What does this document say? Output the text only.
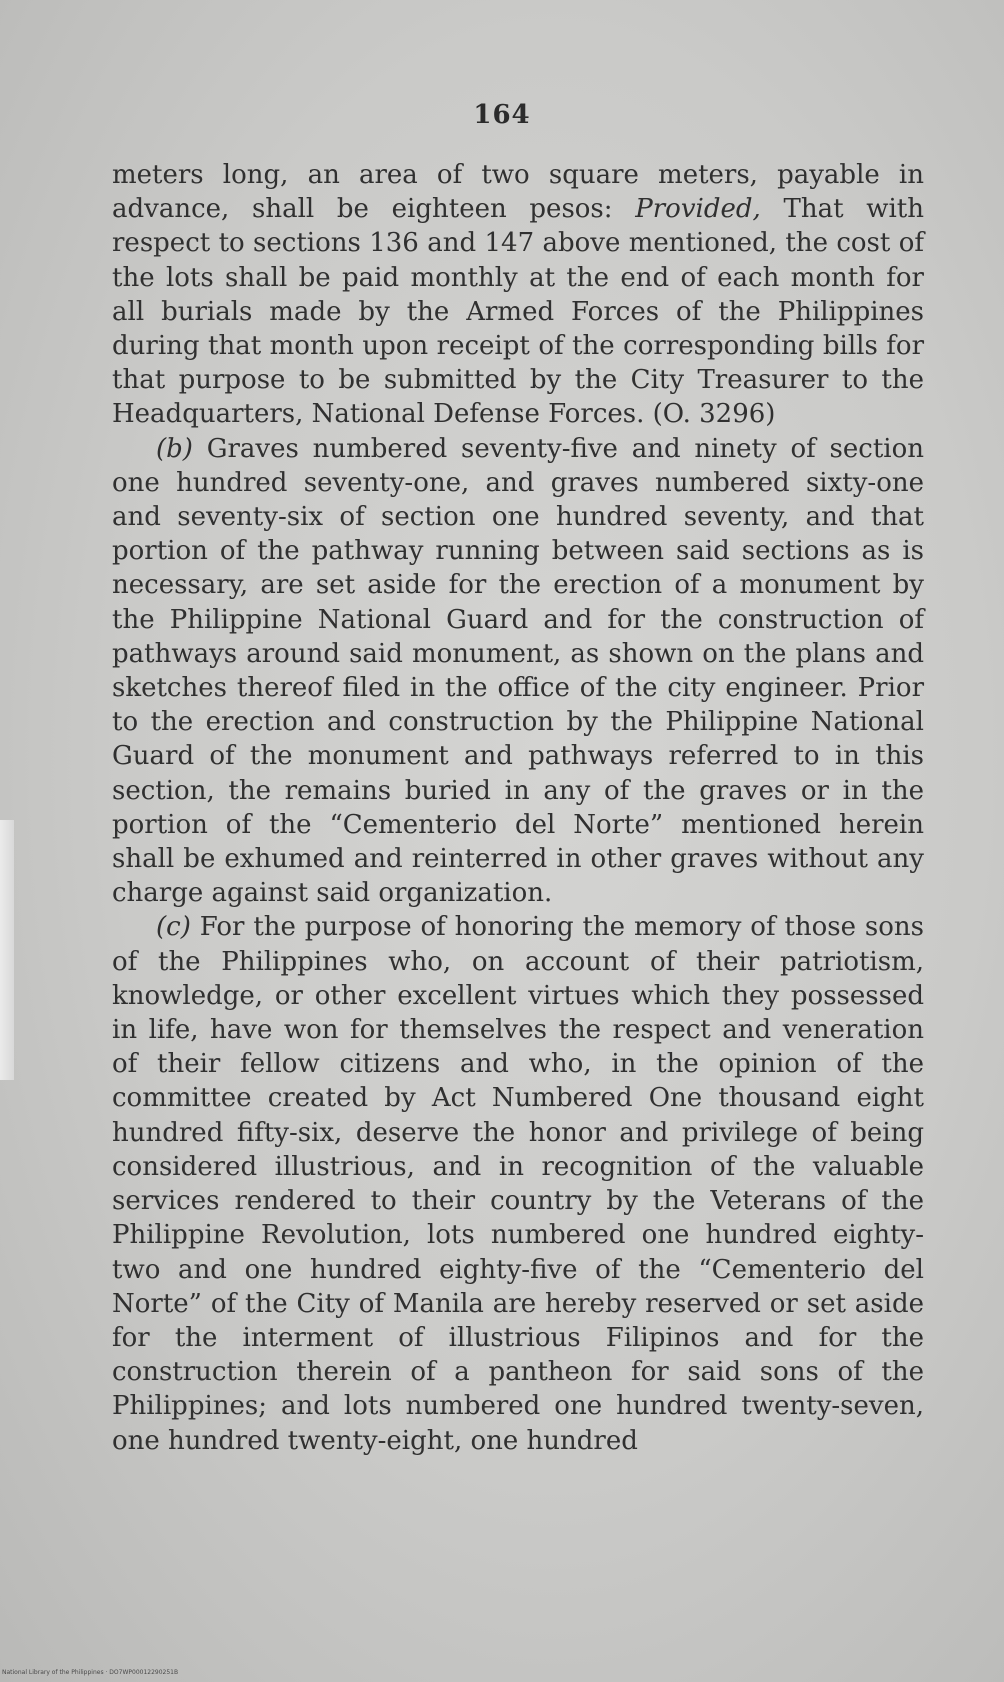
164

meters long, an area of two square meters, payable in advance, shall be eighteen pesos: Provided, That with respect to sections 136 and 147 above mentioned, the cost of the lots shall be paid monthly at the end of each month for all burials made by the Armed Forces of the Philippines during that month upon receipt of the corresponding bills for that purpose to be submitted by the City Treasurer to the Headquarters, National Defense Forces. (O. 3296)

(b) Graves numbered seventy-five and ninety of section one hundred seventy-one, and graves numbered sixty-one and seventy-six of section one hundred seventy, and that portion of the pathway running between said sections as is necessary, are set aside for the erection of a monument by the Philippine National Guard and for the construction of pathways around said monument, as shown on the plans and sketches thereof filed in the office of the city engineer. Prior to the erection and construction by the Philippine National Guard of the monument and pathways referred to in this section, the remains buried in any of the graves or in the portion of the “Cementerio del Norte” mentioned herein shall be exhumed and reinterred in other graves without any charge against said organization.

(c) For the purpose of honoring the memory of those sons of the Philippines who, on account of their patriotism, knowledge, or other excellent virtues which they possessed in life, have won for themselves the respect and veneration of their fellow citizens and who, in the opinion of the committee created by Act Numbered One thousand eight hundred fifty-six, deserve the honor and privilege of being considered illustrious, and in recognition of the valuable services rendered to their country by the Veterans of the Philippine Revolution, lots numbered one hundred eighty-two and one hundred eighty-five of the “Cementerio del Norte” of the City of Manila are hereby reserved or set aside for the interment of illustrious Filipinos and for the construction therein of a pantheon for said sons of the Philippines; and lots numbered one hundred twenty-seven, one hundred twenty-eight, one hundred

National Library of the Philippines · DO7WP00012290251B
